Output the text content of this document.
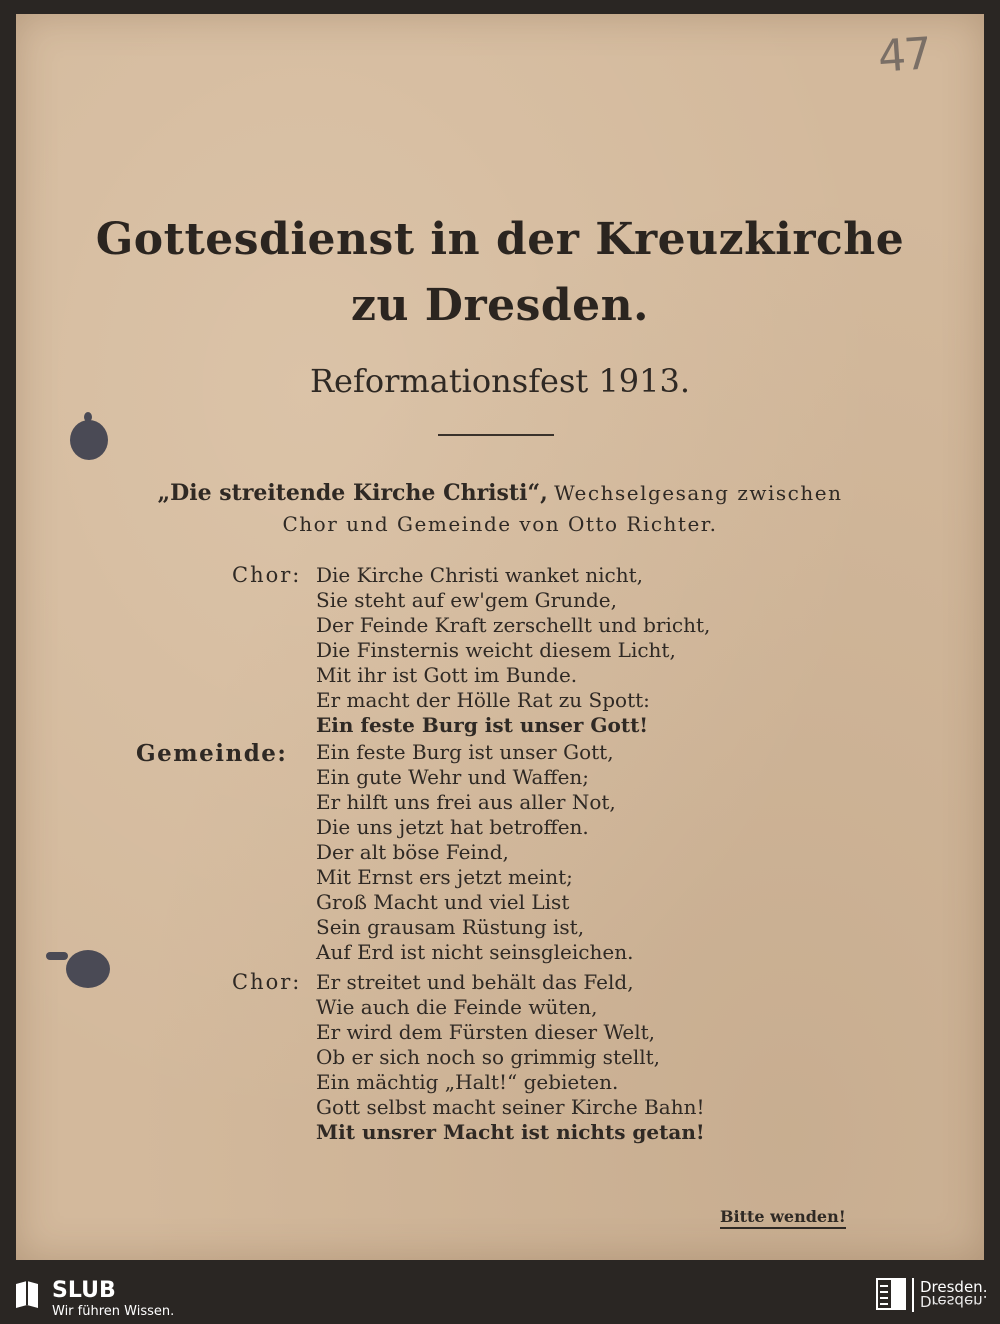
47
Gottesdienst in der Kreuzkirche
zu Dresden.
Reformationsfest 1913.
„Die streitende Kirche Christi“, Wechselgesang zwischen
Chor und Gemeinde von Otto Richter.
Chor: Die Kirche Christi wanket nicht,
Sie steht auf ew'gem Grunde,
Der Feinde Kraft zerschellt und bricht,
Die Finsternis weicht diesem Licht,
Mit ihr ist Gott im Bunde.
Er macht der Hölle Rat zu Spott:
Ein feste Burg ist unser Gott!
Gemeinde: Ein feste Burg ist unser Gott,
Ein gute Wehr und Waffen;
Er hilft uns frei aus aller Not,
Die uns jetzt hat betroffen.
Der alt böse Feind,
Mit Ernst ers jetzt meint;
Groß Macht und viel List
Sein grausam Rüstung ist,
Auf Erd ist nicht seinsgleichen.
Chor: Er streitet und behält das Feld,
Wie auch die Feinde wüten,
Er wird dem Fürsten dieser Welt,
Ob er sich noch so grimmig stellt,
Ein mächtig „Halt!“ gebieten.
Gott selbst macht seiner Kirche Bahn!
Mit unsrer Macht ist nichts getan!
Bitte wenden!
SLUB
Wir führen Wissen.
Dresden.
Dresden.
